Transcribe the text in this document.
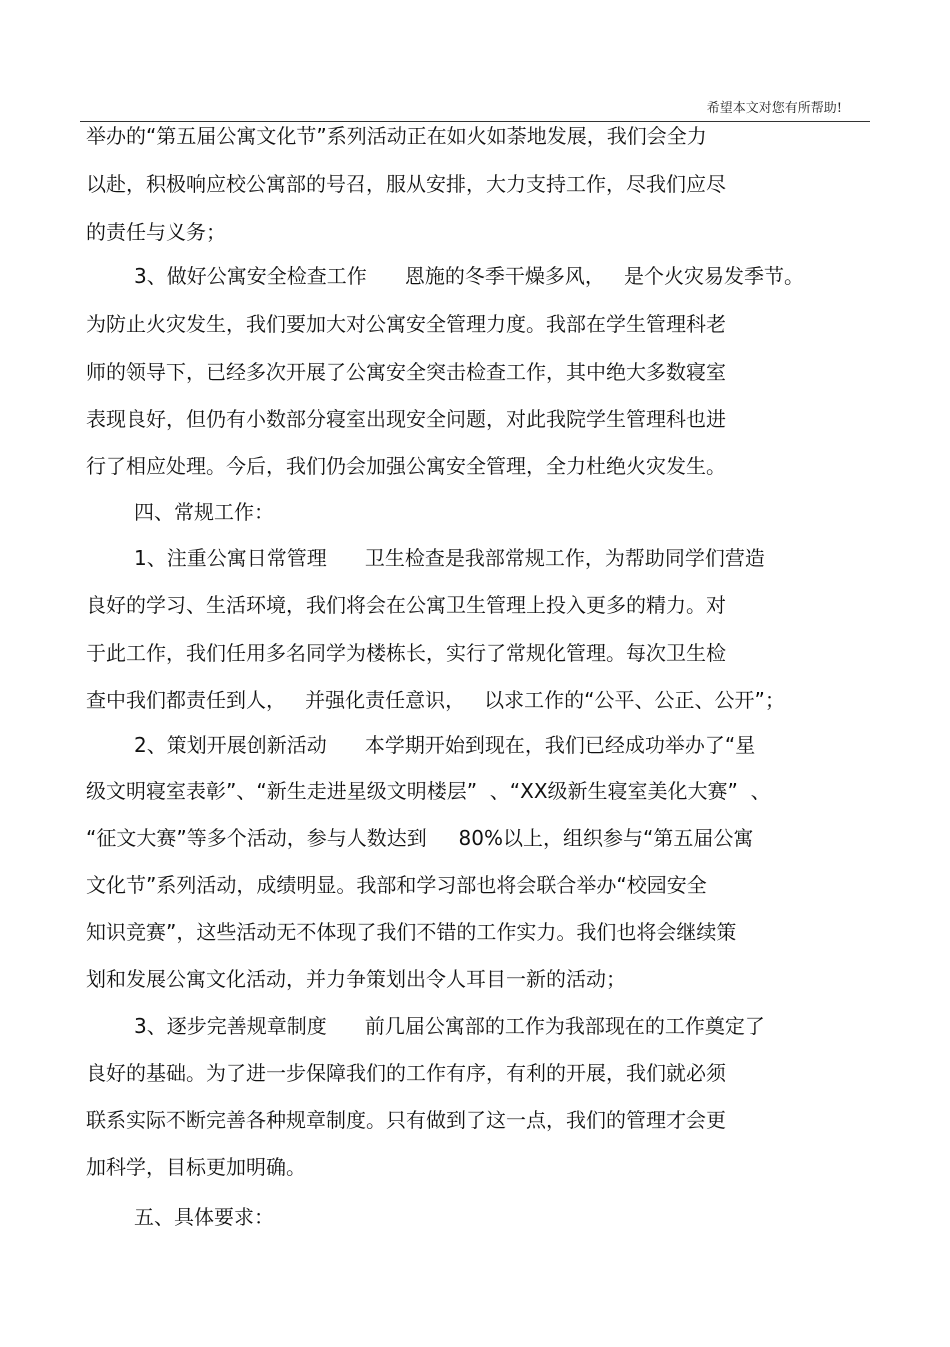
希望本文对您有所帮助!
举办的“第五届公寓文化节”系列活动正在如火如荼地发展，我们会全力
以赴，积极响应校公寓部的号召，服从安排，大力支持工作，尽我们应尽
的责任与义务；
3、做好公寓安全检查工作      恩施的冬季干燥多风，   是个火灾易发季节。
为防止火灾发生，我们要加大对公寓安全管理力度。我部在学生管理科老
师的领导下，已经多次开展了公寓安全突击检查工作，其中绝大多数寝室
表现良好，但仍有小数部分寝室出现安全问题，对此我院学生管理科也进
行了相应处理。今后，我们仍会加强公寓安全管理，全力杜绝火灾发生。
四、常规工作：
1、注重公寓日常管理      卫生检查是我部常规工作，为帮助同学们营造
良好的学习、生活环境，我们将会在公寓卫生管理上投入更多的精力。对
于此工作，我们任用多名同学为楼栋长，实行了常规化管理。每次卫生检
查中我们都责任到人，   并强化责任意识，   以求工作的“公平、公正、公开”；
2、策划开展创新活动      本学期开始到现在，我们已经成功举办了“星
级文明寝室表彰”、“新生走进星级文明楼层”  、“XX级新生寝室美化大赛”  、
“征文大赛”等多个活动，参与人数达到     80%以上，组织参与“第五届公寓
文化节”系列活动，成绩明显。我部和学习部也将会联合举办“校园安全
知识竞赛”，这些活动无不体现了我们不错的工作实力。我们也将会继续策
划和发展公寓文化活动，并力争策划出令人耳目一新的活动；
3、逐步完善规章制度      前几届公寓部的工作为我部现在的工作奠定了
良好的基础。为了进一步保障我们的工作有序，有利的开展，我们就必须
联系实际不断完善各种规章制度。只有做到了这一点，我们的管理才会更
加科学，目标更加明确。
五、具体要求：
